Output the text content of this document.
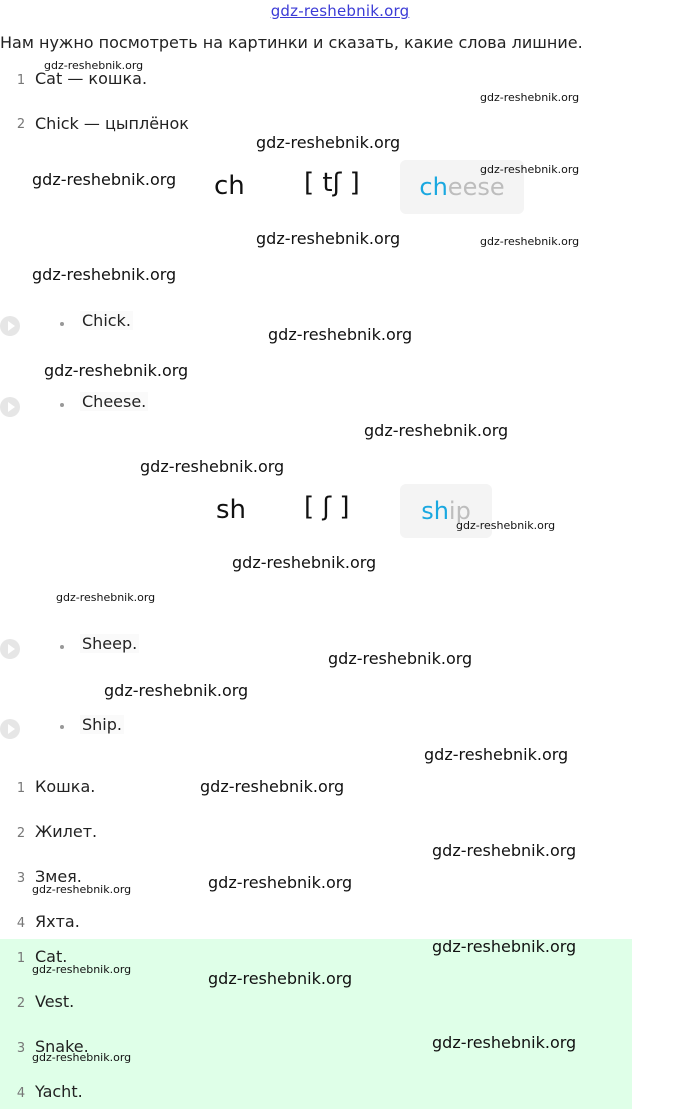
gdz-reshebnik.org
Нам нужно посмотреть на картинки и сказать, какие слова лишние.
1 Cat — кошка.
2 Chick — цыплёнок
ch [ tʃ ] ch eese
Chick.
Cheese.
sh [ ʃ ]	sh ip
Sheep.
Ship.
1 Кошка.
2 Жилет.
3 Змея.
4 Яхта.
1 Cat.
2 Vest.
3 Snake.
4 Yacht.
gdz-reshebnik.org
gdz-reshebnik.org
gdz-reshebnik.org
gdz-reshebnik.org
gdz-reshebnik.org
gdz-reshebnik.org
gdz-reshebnik.org
gdz-reshebnik.org
gdz-reshebnik.org
gdz-reshebnik.org
gdz-reshebnik.org
gdz-reshebnik.org
gdz-reshebnik.org
gdz-reshebnik.org
gdz-reshebnik.org
gdz-reshebnik.org
gdz-reshebnik.org
gdz-reshebnik.org
gdz-reshebnik.org
gdz-reshebnik.org
gdz-reshebnik.org
gdz-reshebnik.org
gdz-reshebnik.org
gdz-reshebnik.org
gdz-reshebnik.org
gdz-reshebnik.org
gdz-reshebnik.org
